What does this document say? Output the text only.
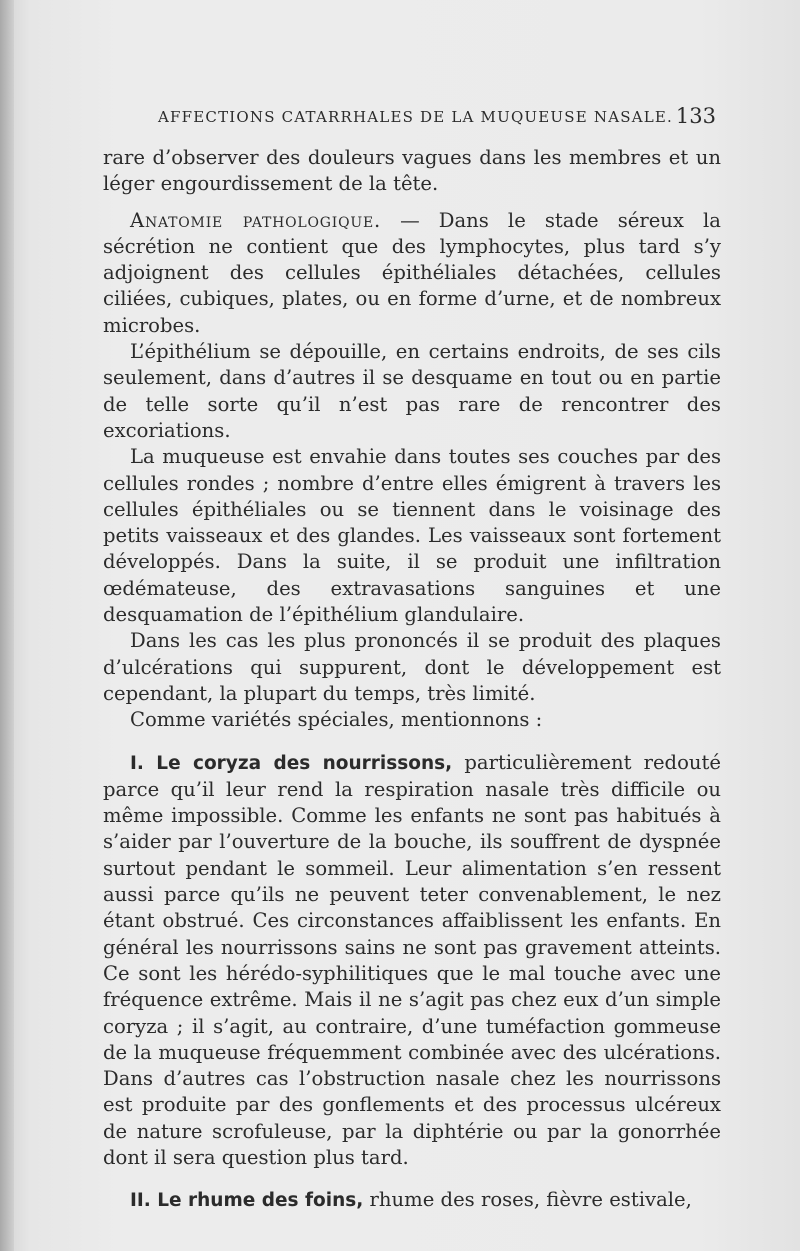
AFFECTIONS CATARRHALES DE LA MUQUEUSE NASALE. 133

rare d’observer des douleurs vagues dans les membres et un léger engourdissement de la tête.

Anatomie pathologique. — Dans le stade séreux la sécrétion ne contient que des lymphocytes, plus tard s’y adjoignent des cellules épithéliales détachées, cellules ciliées, cubiques, plates, ou en forme d’urne, et de nombreux microbes.

L’épithélium se dépouille, en certains endroits, de ses cils seulement, dans d’autres il se desquame en tout ou en partie de telle sorte qu’il n’est pas rare de rencontrer des excoriations.

La muqueuse est envahie dans toutes ses couches par des cellules rondes ; nombre d’entre elles émigrent à travers les cellules épithéliales ou se tiennent dans le voisinage des petits vaisseaux et des glandes. Les vaisseaux sont fortement développés. Dans la suite, il se produit une infiltration œdémateuse, des extravasations sanguines et une desquamation de l’épithélium glandulaire.

Dans les cas les plus prononcés il se produit des plaques d’ulcérations qui suppurent, dont le développement est cependant, la plupart du temps, très limité.

Comme variétés spéciales, mentionnons :

I. Le coryza des nourrissons, particulièrement redouté parce qu’il leur rend la respiration nasale très difficile ou même impossible. Comme les enfants ne sont pas habitués à s’aider par l’ouverture de la bouche, ils souffrent de dyspnée surtout pendant le sommeil. Leur alimentation s’en ressent aussi parce qu’ils ne peuvent teter convenablement, le nez étant obstrué. Ces circonstances affaiblissent les enfants. En général les nourrissons sains ne sont pas gravement atteints. Ce sont les hérédo-syphilitiques que le mal touche avec une fréquence extrême. Mais il ne s’agit pas chez eux d’un simple coryza ; il s’agit, au contraire, d’une tuméfaction gommeuse de la muqueuse fréquemment combinée avec des ulcérations. Dans d’autres cas l’obstruction nasale chez les nourrissons est produite par des gonflements et des processus ulcéreux de nature scrofuleuse, par la diphtérie ou par la gonorrhée dont il sera question plus tard.

II. Le rhume des foins, rhume des roses, fièvre estivale,
